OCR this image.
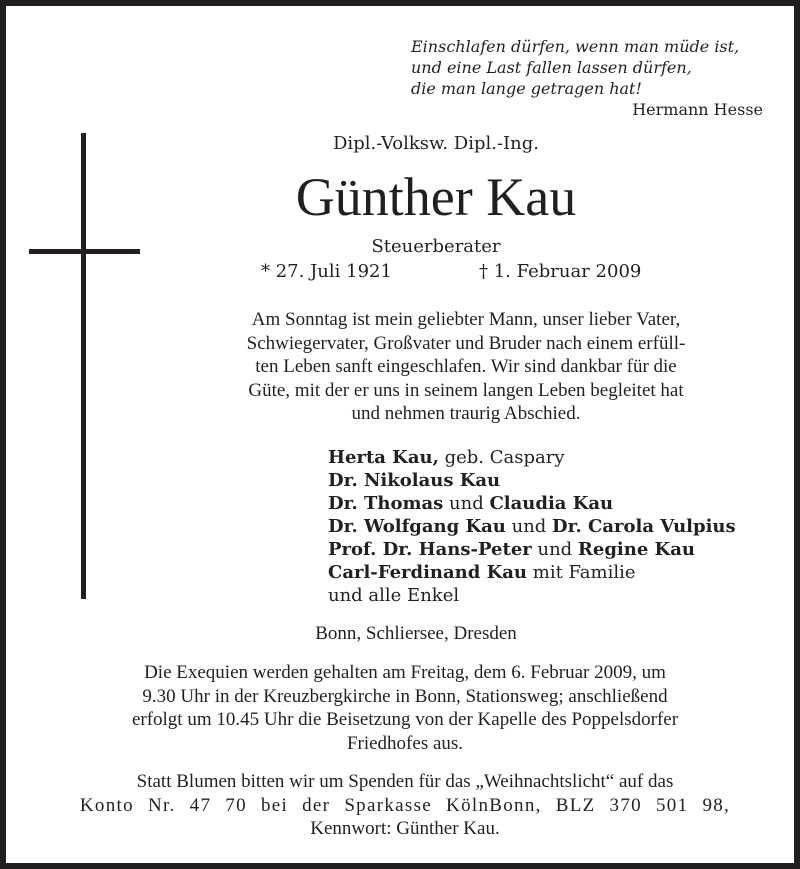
Einschlafen dürfen, wenn man müde ist,
und eine Last fallen lassen dürfen,
die man lange getragen hat!
Hermann Hesse
Dipl.-Volksw. Dipl.-Ing.
Günther Kau
Steuerberater
* 27. Juli 1921	† 1. Februar 2009
Am Sonntag ist mein geliebter Mann, unser lieber Vater,
Schwiegervater, Großvater und Bruder nach einem erfüll-
ten Leben sanft eingeschlafen. Wir sind dankbar für die
Güte, mit der er uns in seinem langen Leben begleitet hat
und nehmen traurig Abschied.
Herta Kau, geb. Caspary
Dr. Nikolaus Kau
Dr. Thomas und Claudia Kau
Dr. Wolfgang Kau und Dr. Carola Vulpius
Prof. Dr. Hans-Peter und Regine Kau
Carl-Ferdinand Kau mit Familie
und alle Enkel
Bonn, Schliersee, Dresden
Die Exequien werden gehalten am Freitag, dem 6. Februar 2009, um
9.30 Uhr in der Kreuzbergkirche in Bonn, Stationsweg; anschließend
erfolgt um 10.45 Uhr die Beisetzung von der Kapelle des Poppelsdorfer
Friedhofes aus.
Statt Blumen bitten wir um Spenden für das „Weihnachtslicht“ auf das
Konto Nr. 47 70 bei der Sparkasse KölnBonn, BLZ 370 501 98,
Kennwort: Günther Kau.
